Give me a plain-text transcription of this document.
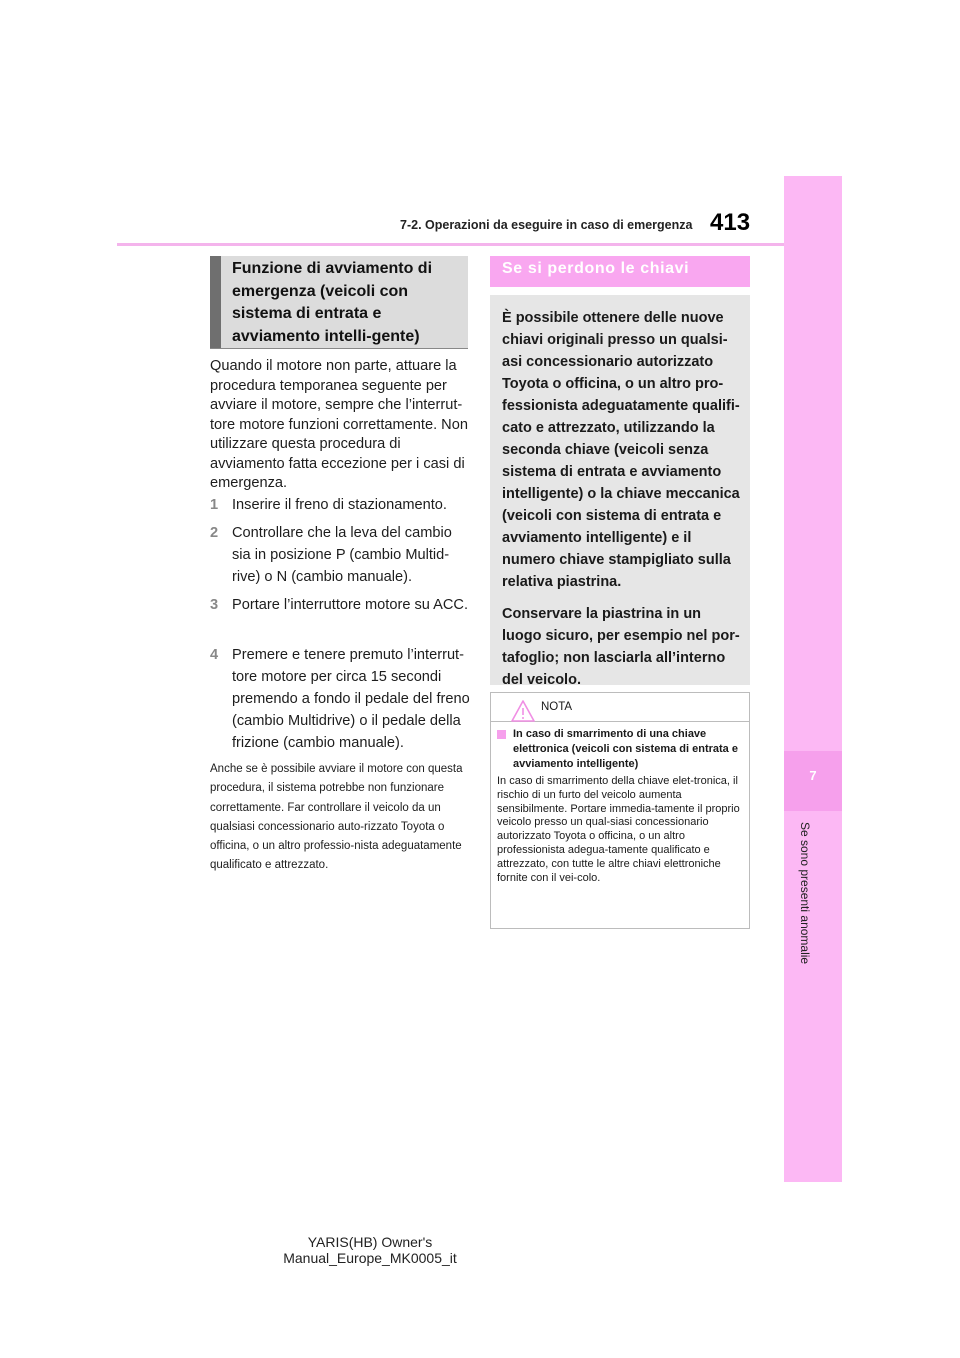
7-2. Operazioni da eseguire in caso di emergenza 413
7
Se sono presenti anomalie
Funzione di avviamento di emergenza (veicoli con sistema di entrata e avviamento intelli-gente)
Quando il motore non parte, attuare la procedura temporanea seguente per avviare il motore, sempre che l’interrut-tore motore funzioni correttamente. Non utilizzare questa procedura di avviamento fatta eccezione per i casi di emergenza.
1 Inserire il freno di stazionamento.
2 Controllare che la leva del cambio sia in posizione P (cambio Multid-rive) o N (cambio manuale).
3 Portare l’interruttore motore su ACC.
4 Premere e tenere premuto l’interrut-tore motore per circa 15 secondi premendo a fondo il pedale del freno (cambio Multidrive) o il pedale della frizione (cambio manuale).
Anche se è possibile avviare il motore con questa procedura, il sistema potrebbe non funzionare correttamente. Far controllare il veicolo da un qualsiasi concessionario auto-rizzato Toyota o officina, o un altro professio-nista adeguatamente qualificato e attrezzato.
Se si perdono le chiavi

È possibile ottenere delle nuove chiavi originali presso un qualsi-asi concessionario autorizzato Toyota o officina, o un altro pro-fessionista adeguatamente qualifi-cato e attrezzato, utilizzando la seconda chiave (veicoli senza sistema di entrata e avviamento intelligente) o la chiave meccanica (veicoli con sistema di entrata e avviamento intelligente) e il numero chiave stampigliato sulla relativa piastrina.

Conservare la piastrina in un luogo sicuro, per esempio nel por-tafoglio; non lasciarla all’interno del veicolo.

NOTA
In caso di smarrimento di una chiave elettronica (veicoli con sistema di entrata e avviamento intelligente)
In caso di smarrimento della chiave elet-tronica, il rischio di un furto del veicolo aumenta sensibilmente. Portare immedia-tamente il proprio veicolo presso un qual-siasi concessionario autorizzato Toyota o officina, o un altro professionista adegua-tamente qualificato e attrezzato, con tutte le altre chiavi elettroniche fornite con il vei-colo.
YARIS(HB) Owner's Manual_Europe_MK0005_it
